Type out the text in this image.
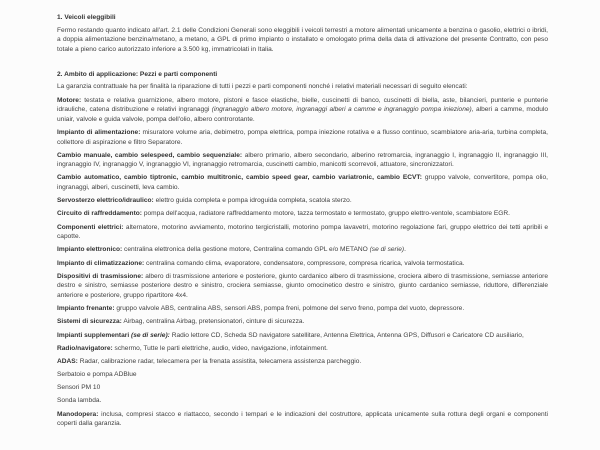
1. Veicoli eleggibili

Fermo restando quanto indicato all'art. 2.1 delle Condizioni Generali sono eleggibili i veicoli terrestri a motore alimentati unicamente a benzina o gasolio, elettrici o ibridi, a doppia alimentazione benzina/metano, a metano, a GPL di primo impianto o installato e omologato prima della data di attivazione del presente Contratto, con peso totale a pieno carico autorizzato inferiore a 3.500 kg, immatricolati in Italia.

2. Ambito di applicazione: Pezzi e parti componenti

La garanzia contrattuale ha per finalità la riparazione di tutti i pezzi e parti componenti nonché i relativi materiali necessari di seguito elencati:

Motore: testata e relativa guarnizione, albero motore, pistoni e fasce elastiche, bielle, cuscinetti di banco, cuscinetti di biella, aste, bilancieri, punterie e punterie idrauliche, catena distribuzione e relativi ingranaggi (ingranaggio albero motore, ingranaggi alberi a camme e ingranaggio pompa iniezione), alberi a camme, modulo uniair, valvole e guida valvole, pompa dell'olio, albero controrotante.

Impianto di alimentazione: misuratore volume aria, debimetro, pompa elettrica, pompa iniezione rotativa e a flusso continuo, scambiatore aria-aria, turbina completa, collettore di aspirazione e filtro Separatore.

Cambio manuale, cambio selespeed, cambio sequenziale: albero primario, albero secondario, alberino retromarcia, ingranaggio I, ingranaggio II, ingranaggio III, ingranaggio IV, ingranaggio V, ingranaggio VI, ingranaggio retromarcia, cuscinetti cambio, manicotti scorrevoli, attuatore, sincronizzatori.

Cambio automatico, cambio tiptronic, cambio multitronic, cambio speed gear, cambio variatronic, cambio ECVT: gruppo valvole, convertitore, pompa olio, ingranaggi, alberi, cuscinetti, leva cambio.

Servosterzo elettrico/idraulico: elettro guida completa e pompa idroguida completa, scatola sterzo.

Circuito di raffreddamento: pompa dell'acqua, radiatore raffreddamento motore, tazza termostato e termostato, gruppo elettro-ventole, scambiatore EGR.

Componenti elettrici: alternatore, motorino avviamento, motorino tergicristalli, motorino pompa lavavetri, motorino regolazione fari, gruppo elettrico dei tetti apribili e capotte.

Impianto elettronico: centralina elettronica della gestione motore, Centralina comando GPL e/o METANO (se di serie).

Impianto di climatizzazione: centralina comando clima, evaporatore, condensatore, compressore, compresa ricarica, valvola termostatica.

Dispositivi di trasmissione: albero di trasmissione anteriore e posteriore, giunto cardanico albero di trasmissione, crociera albero di trasmissione, semiasse anteriore destro e sinistro, semiasse posteriore destro e sinistro, crociera semiasse, giunto omocinetico destro e sinistro, giunto cardanico semiasse, riduttore, differenziale anteriore e posteriore, gruppo ripartitore 4x4.

Impianto frenante: gruppo valvole ABS, centralina ABS, sensori ABS, pompa freni, polmone del servo freno, pompa del vuoto, depressore.

Sistemi di sicurezza: Airbag, centralina Airbag, pretensionatori, cinture di sicurezza.

Impianti supplementari (se di serie): Radio lettore CD, Scheda SD navigatore satellitare, Antenna Elettrica, Antenna GPS, Diffusori e Caricatore CD ausiliario,

Radio/navigatore: schermo, Tutte le parti elettriche, audio, video, navigazione, infotainment.

ADAS: Radar, calibrazione radar, telecamera per la frenata assistita, telecamera assistenza parcheggio.

Serbatoio e pompa ADBlue

Sensori PM 10

Sonda lambda.

Manodopera: inclusa, compresi stacco e riattacco, secondo i tempari e le indicazioni del costruttore, applicata unicamente sulla rottura degli organi e componenti coperti dalla garanzia.
